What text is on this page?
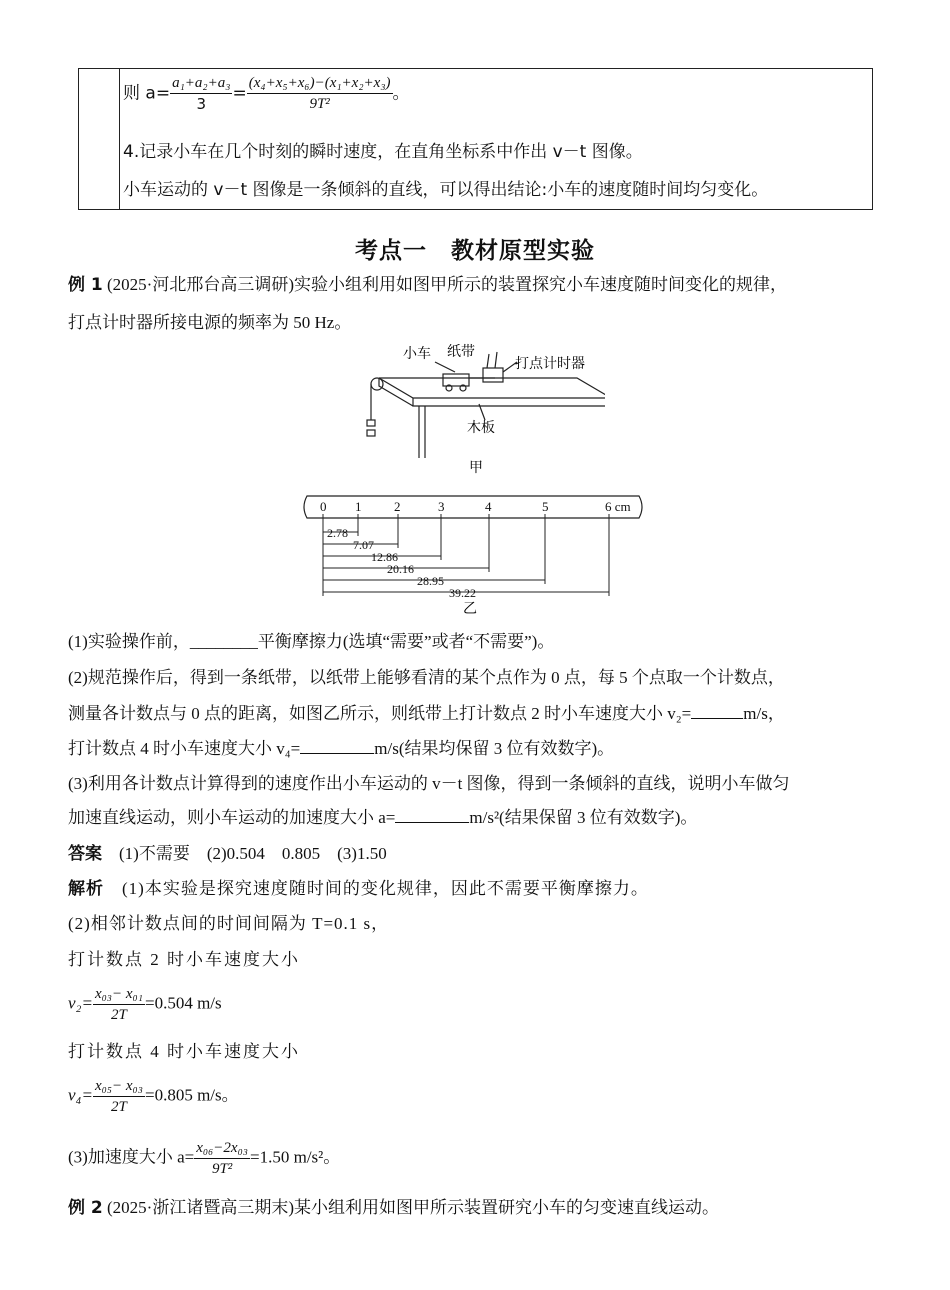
则 $a= \frac{\text{a₁+a₂+a₃}}{3} = \frac{\text{(x₄+x₅+x₆)−(x₁+x₂+x₃)}}{\text{9T²}}$ 。
4.记录小车在几个时刻的瞬时速度，在直角坐标系中作出 v－t 图像。
小车运动的 v－t 图像是一条倾斜的直线，可以得出结论:小车的速度随时间均匀变化。
考点一　教材原型实验
例 1 (2025·河北邢台高三调研)实验小组利用如图甲所示的装置探究小车速度随时间变化的规律，
打点计时器所接电源的频率为 50 Hz。
小车 纸带
打点计时器
木板
甲
0 1	2	3	4	5	6 cm
2.78
7.07
12.86
20.16
28.95
39.22
乙
(1)实验操作前，________平衡摩擦力(选填“需要”或者“不需要”)。
(2)规范操作后，得到一条纸带，以纸带上能够看清的某个点作为 0 点，每 5 个点取一个计数点，
测量各计数点与 0 点的距离，如图乙所示，则纸带上打计数点 2 时小车速度大小 v₂=	m/s，
打计数点 4 时小车速度大小 v₄=	m/s(结果均保留 3 位有效数字)。
(3)利用各计数点计算得到的速度作出小车运动的 v－t 图像，得到一条倾斜的直线，说明小车做匀
加速直线运动，则小车运动的加速度大小 a=	m/s²(结果保留 3 位有效数字)。
答案　 (1)不需要　(2)0.504　0.805　(3)1.50
解析　 (1)本实验是探究速度随时间的变化规律，因此不需要平衡摩擦力。
(2)相邻计数点间的时间间隔为 T=0.1 s，
打计数点 2 时小车速度大小
$v_2= \frac{\text{x₀₃− x₀₁}}{2T} =0.504$ m/s
打计数点 4 时小车速度大小
$v_4= \frac{\text{x₀₅− x₀₃}}{2T} =0.805$ m/s。
(3)加速度大小 $a= \frac{\text{x₀₆−2x₀₃}}{\text{9T²}} =1.50$ m/s²。
例 2 (2025·浙江诸暨高三期末)某小组利用如图甲所示装置研究小车的匀变速直线运动。
